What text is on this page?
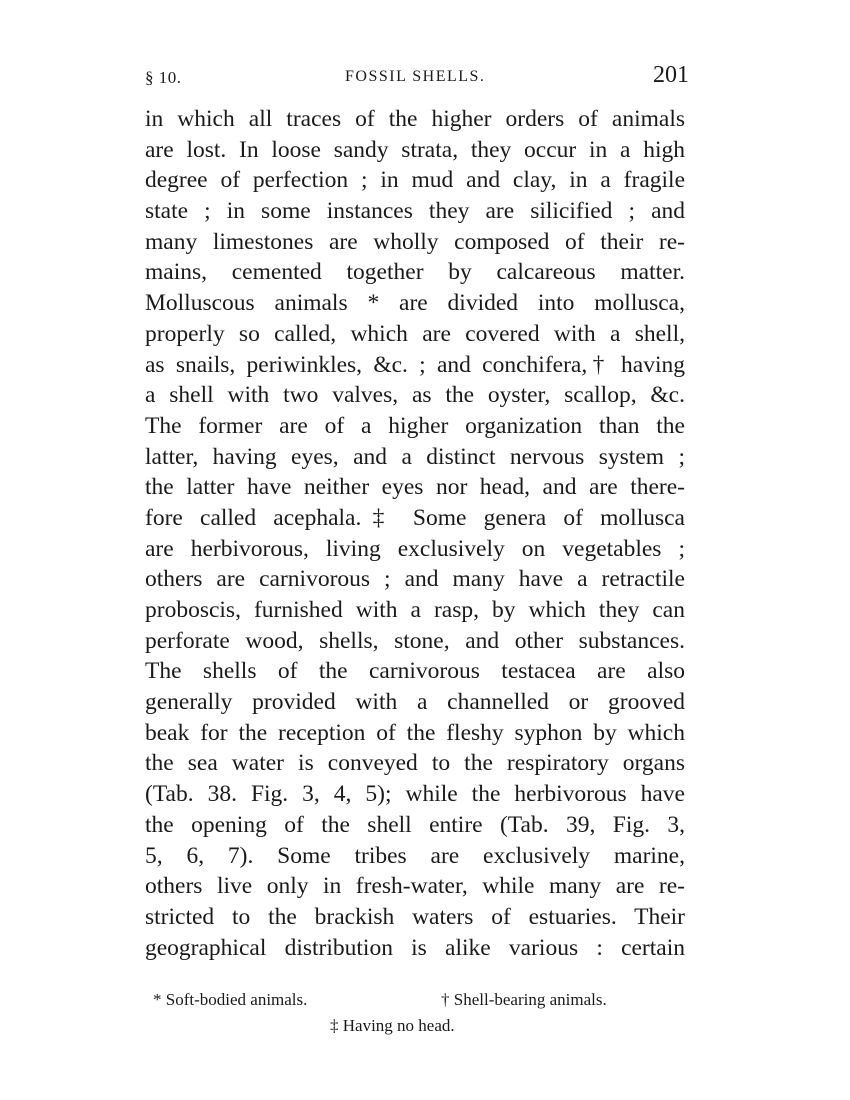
§ 10.	FOSSIL SHELLS.	201
in which all traces of the higher orders of animals
are lost. In loose sandy strata, they occur in a high
degree of perfection ; in mud and clay, in a fragile
state ; in some instances they are silicified ; and
many limestones are wholly composed of their re-
mains, cemented together by calcareous matter.
Molluscous animals * are divided into mollusca,
properly so called, which are covered with a shell,
as snails, periwinkles, &c. ; and conchifera,† having
a shell with two valves, as the oyster, scallop, &c.
The former are of a higher organization than the
latter, having eyes, and a distinct nervous system ;
the latter have neither eyes nor head, and are there-
fore called acephala.‡ Some genera of mollusca
are herbivorous, living exclusively on vegetables ;
others are carnivorous ; and many have a retractile
proboscis, furnished with a rasp, by which they can
perforate wood, shells, stone, and other substances.
The shells of the carnivorous testacea are also
generally provided with a channelled or grooved
beak for the reception of the fleshy syphon by which
the sea water is conveyed to the respiratory organs
(Tab. 38. Fig. 3, 4, 5); while the herbivorous have
the opening of the shell entire (Tab. 39, Fig. 3,
5, 6, 7). Some tribes are exclusively marine,
others live only in fresh-water, while many are re-
stricted to the brackish waters of estuaries. Their
geographical distribution is alike various : certain
* Soft-bodied animals.	† Shell-bearing animals.
‡ Having no head.
